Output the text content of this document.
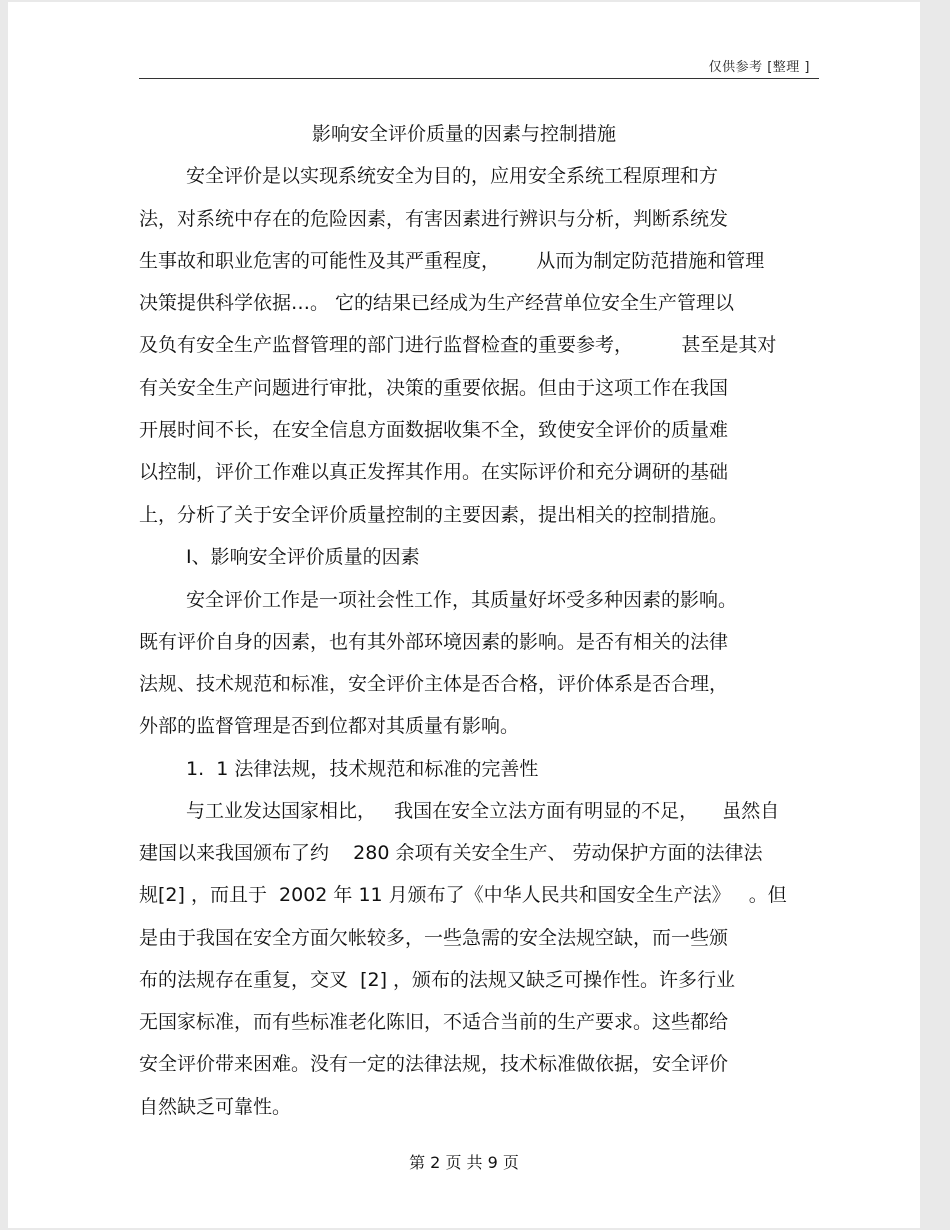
仅供参考 [整理 ]
影响安全评价质量的因素与控制措施
安全评价是以实现系统安全为目的，应用安全系统工程原理和方
法，对系统中存在的危险因素，有害因素进行辨识与分析，判断系统发
生事故和职业危害的可能性及其严重程度，      从而为制定防范措施和管理
决策提供科学依据…。 它的结果已经成为生产经营单位安全生产管理以
及负有安全生产监督管理的部门进行监督检查的重要参考，        甚至是其对
有关安全生产问题进行审批，决策的重要依据。但由于这项工作在我国
开展时间不长，在安全信息方面数据收集不全，致使安全评价的质量难
以控制，评价工作难以真正发挥其作用。在实际评价和充分调研的基础
上，分析了关于安全评价质量控制的主要因素，提出相关的控制措施。
I、影响安全评价质量的因素
安全评价工作是一项社会性工作，其质量好坏受多种因素的影响。
既有评价自身的因素，也有其外部环境因素的影响。是否有相关的法律
法规、技术规范和标准，安全评价主体是否合格，评价体系是否合理，
外部的监督管理是否到位都对其质量有影响。
1.  1 法律法规，技术规范和标准的完善性
与工业发达国家相比，   我国在安全立法方面有明显的不足，    虽然自
建国以来我国颁布了约    280 余项有关安全生产、 劳动保护方面的法律法
规[2] ，而且于  2002 年 11 月颁布了《中华人民共和国安全生产法》   。但
是由于我国在安全方面欠帐较多，一些急需的安全法规空缺，而一些颁
布的法规存在重复，交叉  [2] ，颁布的法规又缺乏可操作性。许多行业
无国家标准，而有些标准老化陈旧，不适合当前的生产要求。这些都给
安全评价带来困难。没有一定的法律法规，技术标准做依据，安全评价
自然缺乏可靠性。
第 2 页 共 9 页
